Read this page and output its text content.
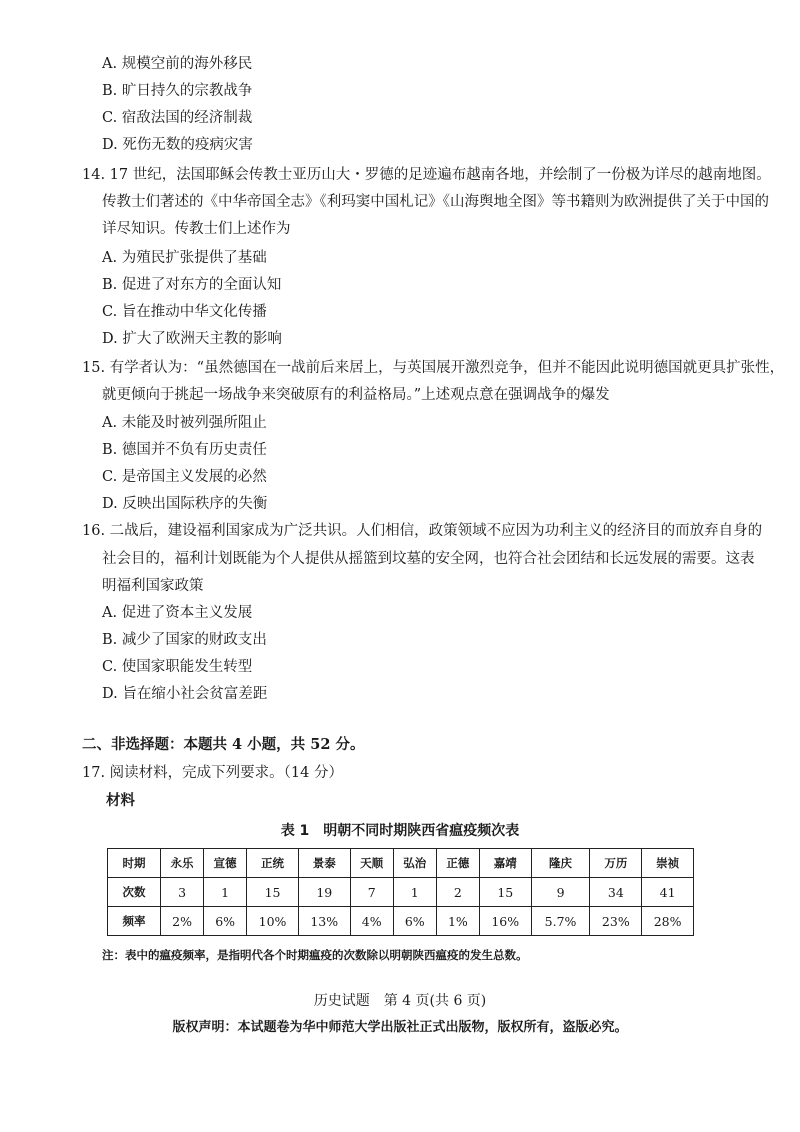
A. 规模空前的海外移民
B. 旷日持久的宗教战争
C. 宿敌法国的经济制裁
D. 死伤无数的疫病灾害
14. 17 世纪，法国耶稣会传教士亚历山大・罗德的足迹遍布越南各地，并绘制了一份极为详尽的越南地图。
传教士们著述的《中华帝国全志》《利玛窦中国札记》《山海舆地全图》等书籍则为欧洲提供了关于中国的
详尽知识。传教士们上述作为
A. 为殖民扩张提供了基础
B. 促进了对东方的全面认知
C. 旨在推动中华文化传播
D. 扩大了欧洲天主教的影响
15. 有学者认为：“虽然德国在一战前后来居上，与英国展开激烈竞争，但并不能因此说明德国就更具扩张性，
就更倾向于挑起一场战争来突破原有的利益格局。”上述观点意在强调战争的爆发
A. 未能及时被列强所阻止
B. 德国并不负有历史责任
C. 是帝国主义发展的必然
D. 反映出国际秩序的失衡
16. 二战后，建设福利国家成为广泛共识。人们相信，政策领域不应因为功利主义的经济目的而放弃自身的
社会目的，福利计划既能为个人提供从摇篮到坟墓的安全网，也符合社会团结和长远发展的需要。这表
明福利国家政策
A. 促进了资本主义发展
B. 减少了国家的财政支出
C. 使国家职能发生转型
D. 旨在缩小社会贫富差距
二、非选择题：本题共 4 小题，共 52 分。
17. 阅读材料，完成下列要求。（14 分）
材料
表 1　明朝不同时期陕西省瘟疫频次表
时期	永乐	宣德	正统	景泰	天顺	弘治	正德	嘉靖	隆庆	万历	崇祯
次数	3	1	15	19	7	1	2	15	9	34	41
频率	2%	6%	10%	13%	4%	6%	1%	16%	5.7%	23%	28%
注：表中的瘟疫频率，是指明代各个时期瘟疫的次数除以明朝陕西瘟疫的发生总数。
历史试题　第 4 页(共 6 页)
版权声明：本试题卷为华中师范大学出版社正式出版物，版权所有，盗版必究。
